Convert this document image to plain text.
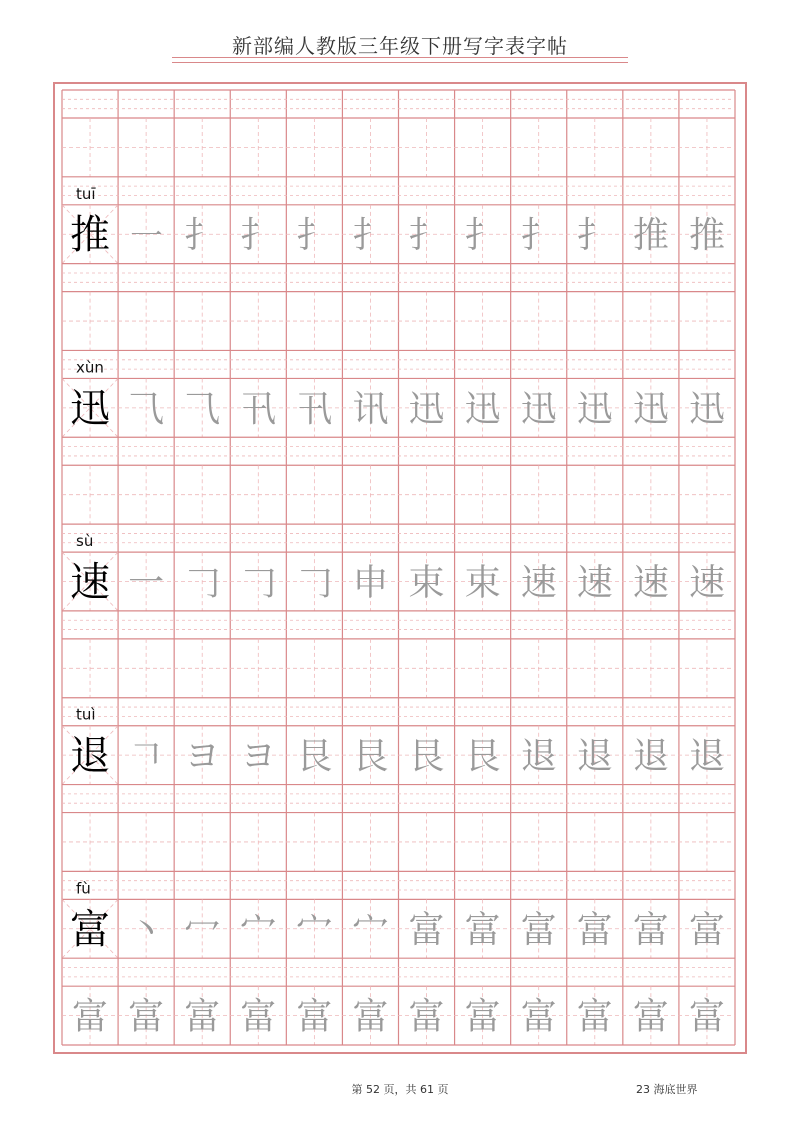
新部编人教版三年级下册写字表字帖
tuī
推 ㇐ 扌 扌 扌 扌 扌 扌 扌 扌 推 推
xùn
迅 ⺄ ⺄ 卂 卂 讯 迅 迅 迅 迅 迅 迅
sù
速 一 𠃌 𠃌 𠃌 申 束 束 速 速 速 速
tuì
退 𠃍 ヨ ヨ 艮 艮 艮 艮 退 退 退 退
fù
富 丶 冖 宀 宀 宀 富 富 富 富 富 富
富 富 富 富 富 富 富 富 富 富 富 富
第 52 页，共 61 页	23 海底世界
